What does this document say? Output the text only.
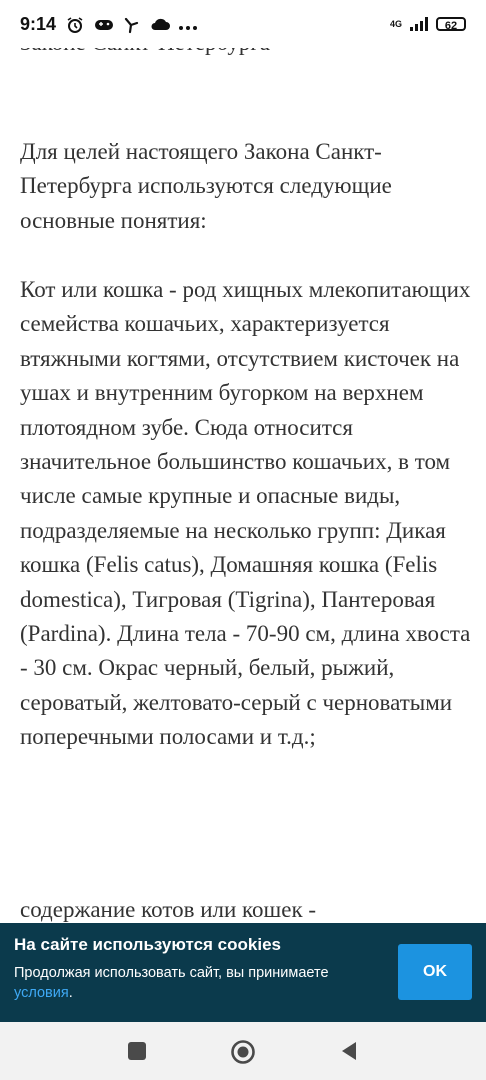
Для целей настоящего Закона Санкт-Петербурга используются следующие основные понятия:

Кот или кошка - род хищных млекопитающих семейства кошачьих, характеризуется втяжными когтями, отсутствием кисточек на ушах и внутренним бугорком на верхнем плотоядном зубе. Сюда относится значительное большинство кошачьих, в том числе самые крупные и опасные виды, подразделяемые на несколько групп: Дикая кошка (Felis catus), Домашняя кошка (Felis domestica), Тигровая (Tigrina), Пантеровая (Pardina). Длина тела - 70-90 см, длина хвоста - 30 см. Окрас черный, белый, рыжий, сероватый, желтовато-серый с черноватыми поперечными полосами и т.д.;

содержание котов или кошек -

9:14	4G	62
На сайте используются cookies
Продолжая использовать сайт, вы принимаете условия.
OK
